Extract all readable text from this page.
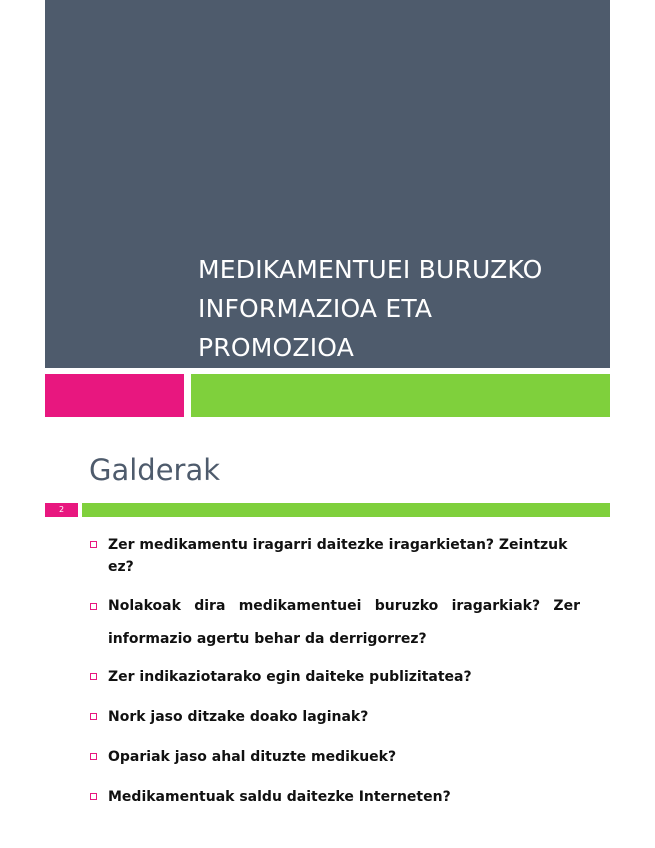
MEDIKAMENTUEI BURUZKO
INFORMAZIOA ETA
PROMOZIOA
Galderak
2
Zer medikamentu iragarri daitezke iragarkietan? Zeintzuk ez?
Nolakoak dira medikamentuei buruzko iragarkiak? Zer informazio agertu behar da derrigorrez?
Zer indikaziotarako egin daiteke publizitatea?
Nork jaso ditzake doako laginak?
Opariak jaso ahal dituzte medikuek?
Medikamentuak saldu daitezke Interneten?
